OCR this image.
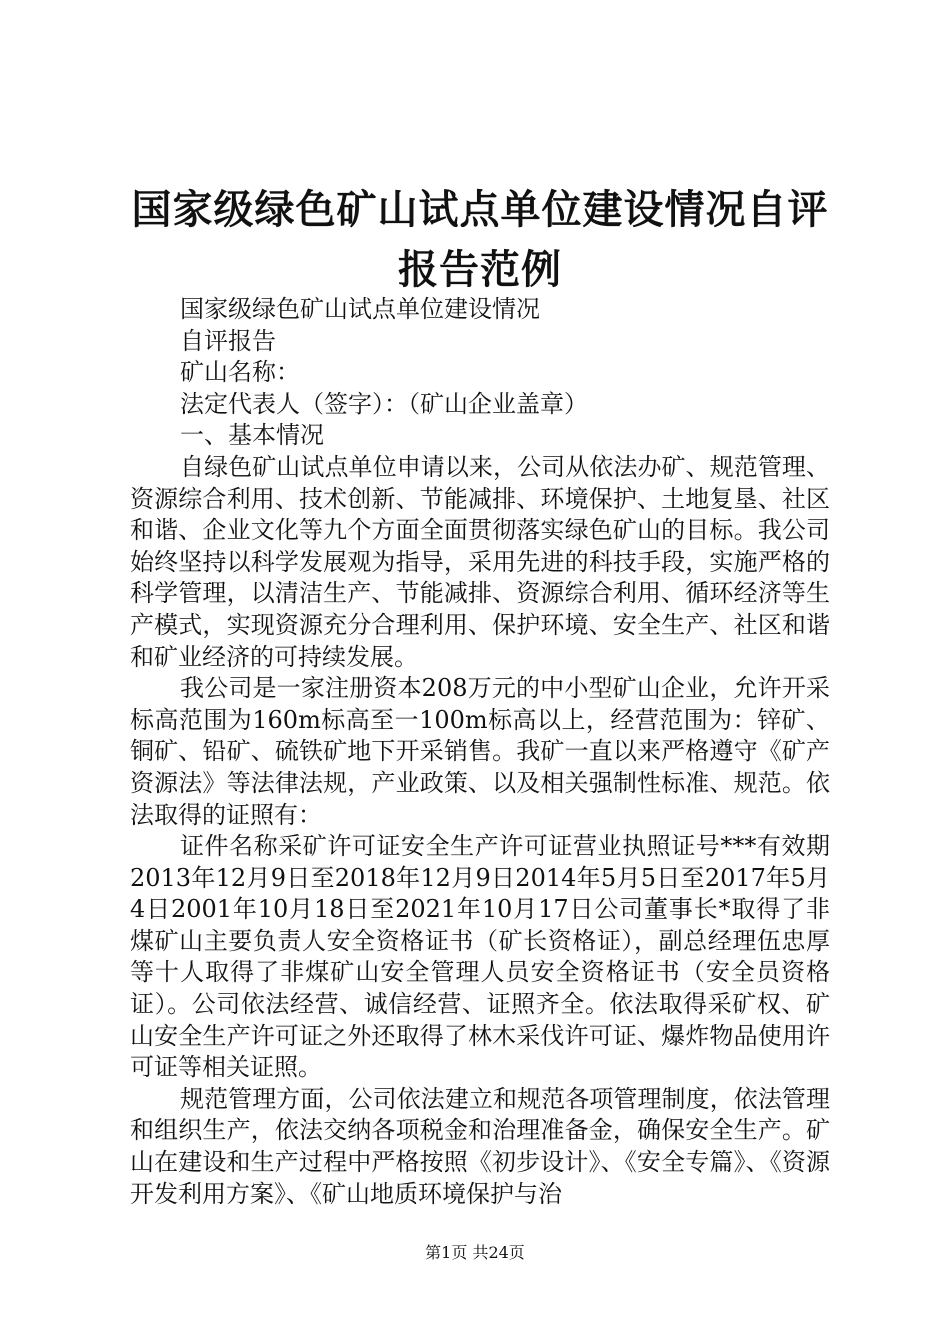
国家级绿色矿山试点单位建设情况自评报告范例

国家级绿色矿山试点单位建设情况

自评报告

矿山名称：

法定代表人（签字）：（矿山企业盖章）

一、基本情况

自绿色矿山试点单位申请以来，公司从依法办矿、规范管理、资源综合利用、技术创新、节能减排、环境保护、土地复垦、社区和谐、企业文化等九个方面全面贯彻落实绿色矿山的目标。我公司始终坚持以科学发展观为指导，采用先进的科技手段，实施严格的科学管理，以清洁生产、节能减排、资源综合利用、循环经济等生产模式，实现资源充分合理利用、保护环境、安全生产、社区和谐和矿业经济的可持续发展。

我公司是一家注册资本208万元的中小型矿山企业，允许开采标高范围为160m标高至一100m标高以上，经营范围为：锌矿、铜矿、铅矿、硫铁矿地下开采销售。我矿一直以来严格遵守《矿产资源法》等法律法规，产业政策、以及相关强制性标准、规范。依法取得的证照有：

证件名称采矿许可证安全生产许可证营业执照证号***有效期2013年12月9日至2018年12月9日2014年5月5日至2017年5月4日2001年10月18日至2021年10月17日公司董事长*取得了非煤矿山主要负责人安全资格证书（矿长资格证），副总经理伍忠厚等十人取得了非煤矿山安全管理人员安全资格证书（安全员资格证）。公司依法经营、诚信经营、证照齐全。依法取得采矿权、矿山安全生产许可证之外还取得了林木采伐许可证、爆炸物品使用许可证等相关证照。

规范管理方面，公司依法建立和规范各项管理制度，依法管理和组织生产，依法交纳各项税金和治理准备金，确保安全生产。矿山在建设和生产过程中严格按照《初步设计》、《安全专篇》、《资源开发利用方案》、《矿山地质环境保护与治

第1页 共24页
